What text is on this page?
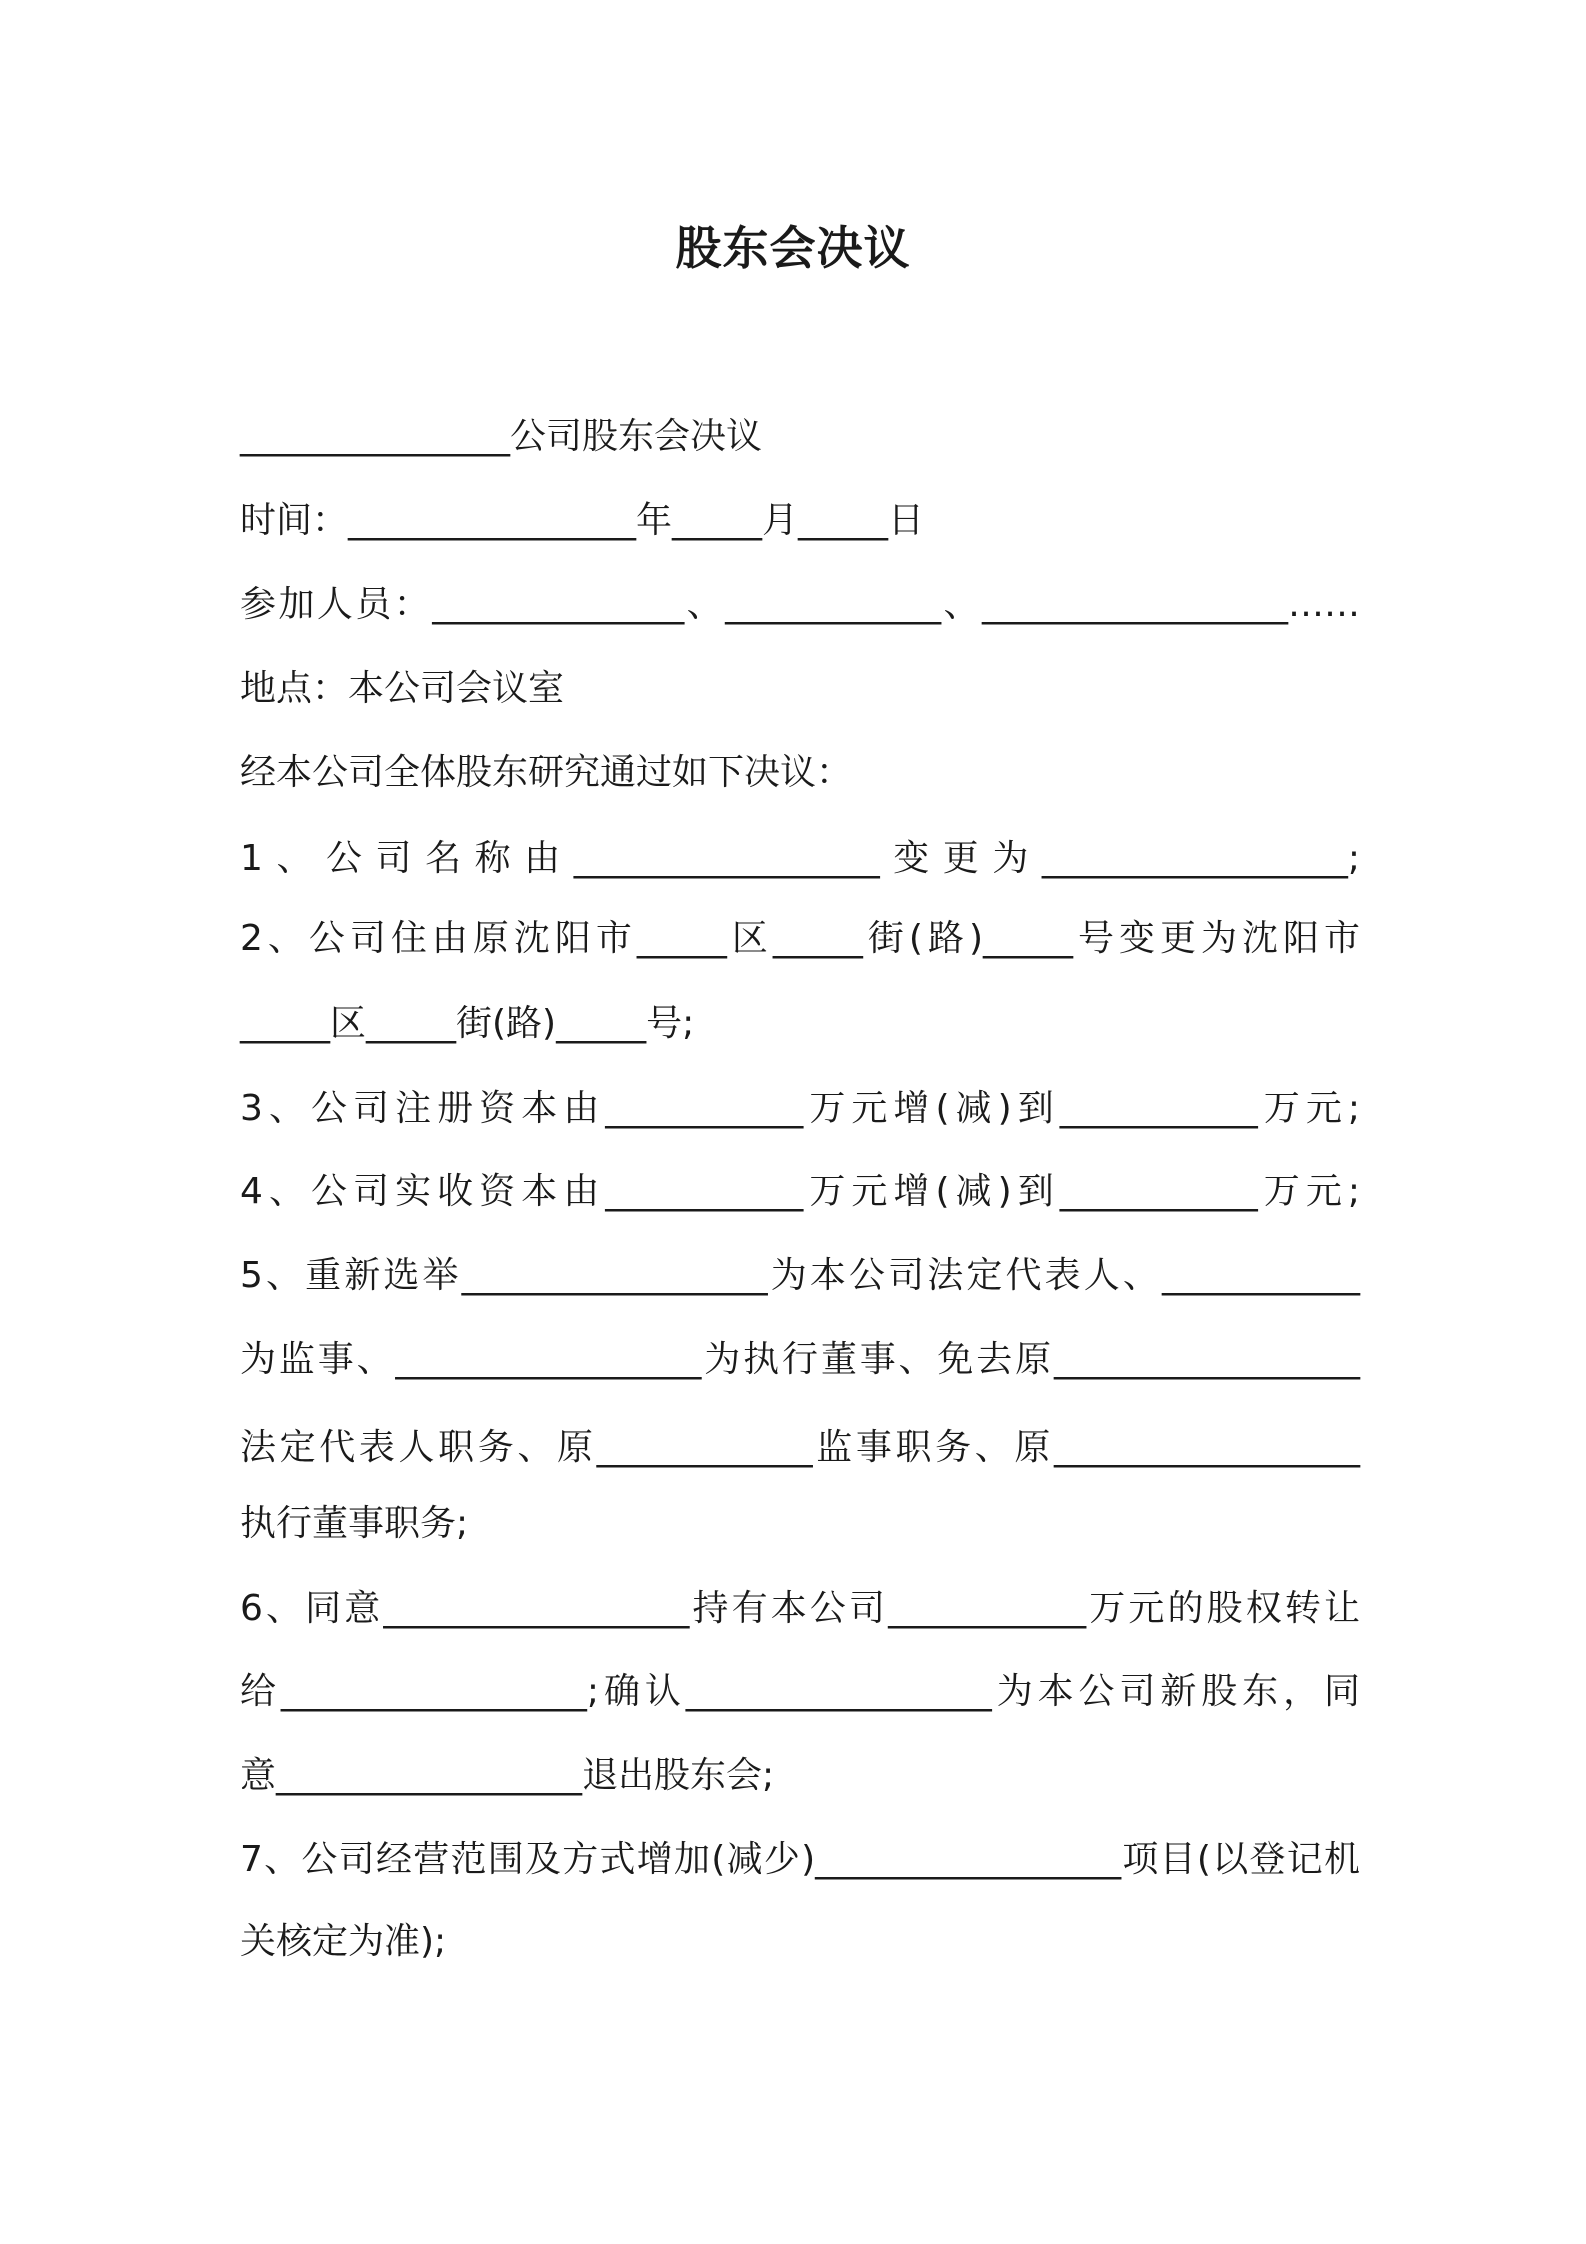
股东会决议

_______________公司股东会决议

时间：________________年_____月_____日

参加人员：______________、____________、_________________……

地点：本公司会议室

经本公司全体股东研究通过如下决议：

1、公司名称由_________________变更为_________________;

2、公司住由原沈阳市_____区_____街(路)_____号变更为沈阳市

_____区_____街(路)_____号;

3、公司注册资本由___________万元增(减)到___________万元;

4、公司实收资本由___________万元增(减)到___________万元;

5、重新选举_________________为本公司法定代表人、___________

为监事、_________________为执行董事、免去原_________________

法定代表人职务、原____________监事职务、原_________________

执行董事职务;

6、同意_________________持有本公司___________万元的股权转让

给_________________;确认_________________为本公司新股东，同

意_________________退出股东会;

7、公司经营范围及方式增加(减少)_________________项目(以登记机

关核定为准);
